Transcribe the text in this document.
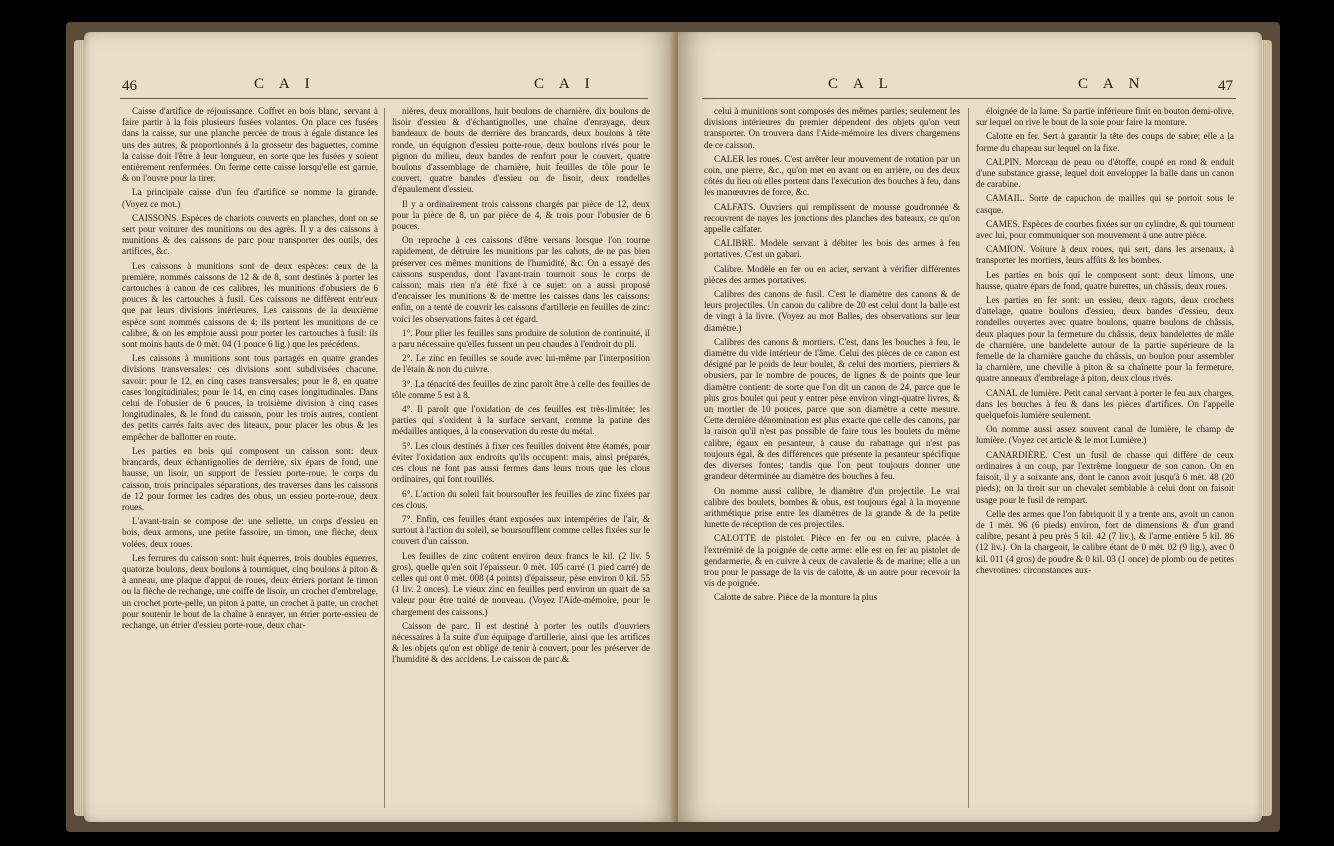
46	C A I	C A I

Caisse d'artifice de réjouissance. Coffret en bois blanc, servant à faire partir à la fois plusieurs fusées volantes. On place ces fusées dans la caisse, sur une planche percée de trous à égale distance les uns des autres, & proportionnés à la grosseur des baguettes, comme la caisse doit l'être à leur longueur, en sorte que les fusées y soient entièrement renfermées. On ferme cette caisse lorsqu'elle est garnie, & on l'ouvre pour la tirer.

La principale caisse d'un feu d'artifice se nomme la girande. (Voyez ce mot.)

CAISSONS. Espèces de chariots couverts en planches, dont on se sert pour voiturer des munitions ou des agrès. Il y a des caissons à munitions & des caissons de parc pour transporter des outils, des artifices, &c.

Les caissons à munitions sont de deux espèces: ceux de la première, nommés caissons de 12 & de 8, sont destinés à porter les cartouches à canon de ces calibres, les munitions d'obusiers de 6 pouces & les cartouches à fusil. Ces caissons ne diffèrent entr'eux que par leurs divisions intérieures. Les caissons de la deuxième espèce sont nommés caissons de 4; ils portent les munitions de ce calibre, & on les emploie aussi pour porter les cartouches à fusil: ils sont moins hauts de 0 mèt. 04 (1 pouce 6 lig.) que les précédens.

Les caissons à munitions sont tous partagés en quatre grandes divisions transversales: ces divisions sont subdivisées chacune, savoir: pour le 12, en cinq cases transversales; pour le 8, en quatre cases longitudinales; pour le 14, en cinq cases longitudinales. Dans celui de l'obusier de 6 pouces, la troisième division à cinq cases longitudinales, & le fond du caisson, pour les trois autres, contient des petits carrés faits avec des liteaux, pour placer les obus & les empêcher de ballotter en route.

Les parties en bois qui composent un caisson sont: deux brancards, deux échantignolles de derrière, six épars de fond, une hausse, un lisoir, un support de l'essieu porte-roue, le corps du caisson, trois principales séparations, des traverses dans les caissons de 12 pour former les cadres des obus, un essieu porte-roue, deux roues.

L'avant-train se compose de: une sellette, un corps d'essieu en bois, deux armons, une petite fassoire, un timon, une flèche, deux volées, deux roues.

Les ferrures du caisson sont: huit équerres, trois doubles équerres, quatorze boulons, deux boulons à tourniquet, cinq boulons à piton & à anneau, une plaque d'appui de roues, deux étriers portant le timon ou la flèche de rechange, une coiffe de lisoir, un crochet d'embrelage, un crochet porte-pelle, un piton à patte, un crochet à patte, un crochet pour soutenir le bout de la chaîne à enrayer, un étrier porte-essieu de rechange, un étrier d'essieu porte-roue, deux char-

nières, deux moraillons, huit boulons de charnière, dix boulons de lisoir d'essieu & d'échantignolles, une chaîne d'enrayage, deux bandeaux de bouts de derrière des brancards, deux boulons à tête ronde, un équignon d'essieu porte-roue, deux boulons rivés pour le pignon du milieu, deux bandes de renfort pour le couvert, quatre boulons d'assemblage de charnière, huit feuilles de tôle pour le couvert, quatre bandes d'essieu ou de lisoir, deux rondelles d'épaulement d'essieu.

Il y a ordinairement trois caissons chargés par pièce de 12, deux pour la pièce de 8, un par pièce de 4, & trois pour l'obusier de 6 pouces.

On reproche à ces caissons d'être versans lorsque l'on tourne rapidement, de détruire les munitions par les cahots, de ne pas bien préserver ces mêmes munitions de l'humidité, &c. On a essayé des caissons suspendus, dont l'avant-train tournoit sous le corps de caisson; mais rien n'a été fixé à ce sujet: on a aussi proposé d'encaisser les munitions & de mettre les caisses dans les caissons: enfin, on a tenté de couvrir les caissons d'artillerie en feuilles de zinc: voici les observations faites à cet égard.

1°. Pour plier les feuilles sans produire de solution de continuité, il a paru nécessaire qu'elles fussent un peu chaudes à l'endroit du pli.

2°. Le zinc en feuilles se soude avec lui-même par l'interposition de l'étain & non du cuivre.

3°. La ténacité des feuilles de zinc paroît être à celle des feuilles de tôle comme 5 est à 8.

4°. Il paroît que l'oxidation de ces feuilles est très-limitée; les parties qui s'oxident à la surface servant, comme la patine des médailles antiques, à la conservation du reste du métal.

5°. Les clous destinés à fixer ces feuilles doivent être étamés, pour éviter l'oxidation aux endroits qu'ils occupent: mais, ainsi préparés, ces clous ne font pas aussi fermes dans leurs trous que les clous ordinaires, qui font rouillés.

6°. L'action du soleil fait boursoufler les feuilles de zinc fixées par ces clous.

7°. Enfin, ces feuilles étant exposées aux intempéries de l'air, & surtout à l'action du soleil, se boursoufflent comme celles fixées sur le couvert d'un caisson.

Les feuilles de zinc coûtent environ deux francs le kil. (2 liv. 5 gros), quelle qu'en soit l'épaisseur. 0 mèt. 105 carré (1 pied carré) de celles qui ont 0 mèt. 008 (4 points) d'épaisseur, pèse environ 0 kil. 55 (1 liv. 2 onces). Le vieux zinc en feuilles perd environ un quart de sa valeur pour être traité de nouveau. (Voyez l'Aide-mémoire, pour le chargement des caissons.)

Caisson de parc. Il est destiné à porter les outils d'ouvriers nécessaires à la suite d'un équipage d'artillerie, ainsi que les artifices & les objets qu'on est obligé de tenir à couvert, pour les préserver de l'humidité & des accidens. Le caisson de parc &

C A L	C A N	47

celui à munitions sont composés des mêmes parties; seulement les divisions intérieures du premier dépendent des objets qu'on veut transporter. On trouvera dans l'Aide-mémoire les divers chargemens de ce caisson.

CALER les roues. C'est arrêter leur mouvement de rotation par un coin, une pierre, &c., qu'on met en avant ou en arrière, ou des deux côtés du lieu où elles portent dans l'exécution des bouches à feu, dans les manœuvres de force, &c.

CALFATS. Ouvriers qui remplissent de mousse goudronnée & recouvrent de nayes les jonctions des planches des bateaux, ce qu'on appelle calfater.

CALIBRE. Modèle servant à débiter les bois des armes à feu portatives. C'est un gabari.

Calibre. Modèle en fer ou en acier, servant à vérifier différentes pièces des armes portatives.

Calibres des canons de fusil. C'est le diamètre des canons & de leurs projectiles. Un canon du calibre de 20 est celui dont la balle est de vingt à la livre. (Voyez au mot Balles, des observations sur leur diamètre.)

Calibres des canons & mortiers. C'est, dans les bouches à feu, le diamètre du vide intérieur de l'âme. Celui des pièces de ce canon est désigné par le poids de leur boulet, & celui des mortiers, pierriers & obusiers, par le nombre de pouces, de lignes & de points que leur diamètre contient: de sorte que l'on dit un canon de 24, parce que le plus gros boulet qui peut y entrer pèse environ vingt-quatre livres, & un mortier de 10 pouces, parce que son diamètre a cette mesure. Cette dernière dénomination est plus exacte que celle des canons, par la raison qu'il n'est pas possible de faire tous les boulets du même calibre, égaux en pesanteur, à cause du rabattage qui n'est pas toujours égal, & des différences que présente la pesanteur spécifique des diverses fontes; tandis que l'on peut toujours donner une grandeur déterminée au diamètre des bouches à feu.

On nomme aussi calibre, le diamètre d'un projectile. Le vrai calibre des boulets, bombes & obus, est toujours égal à la moyenne arithmétique prise entre les diamètres de la grande & de la petite lunette de réception de ces projectiles.

CALOTTE de pistolet. Pièce en fer ou en cuivre, placée à l'extrémité de la poignée de cette arme: elle est en fer au pistolet de gendarmerie, & en cuivre à ceux de cavalerie & de marine; elle a un trou pour le passage de la vis de calotte, & un autre pour recevoir la vis de poignée.

Calotte de sabre. Pièce de la monture la plus

éloignée de la lame. Sa partie inférieure finit en bouton demi-olive, sur lequel on rive le bout de la soie pour faire la monture.

Calotte en fer. Sert à garantir la tête des coups de sabre; elle a la forme du chapeau sur lequel on la fixe.

CALPIN. Morceau de peau ou d'étoffe, coupé en rond & enduit d'une substance grasse, lequel doit envelopper la balle dans un canon de carabine.

CAMAIL. Sorte de capuchon de mailles qui se portoit sous le casque.

CAMES. Espèces de courbes fixées sur un cylindre, & qui tournent avec lui, pour communiquer son mouvement à une autre pièce.

CAMION. Voiture à deux roues, qui sert, dans les arsenaux, à transporter les mortiers, leurs affûts & les bombes.

Les parties en bois qui le composent sont: deux limons, une hausse, quatre épars de fond, quatre burettes, un châssis, deux roues.

Les parties en fer sont: un essieu, deux ragots, deux crochets d'attelage, quatre boulons d'essieu, deux bandes d'essieu, deux rondelles ouvertes avec quatre boulons, quatre boulons de châssis, deux plaques pour la fermeture du châssis, deux bandelettes de mâle de charnière, une bandelette autour de la partie supérieure de la femelle de la charnière gauche du châssis, un boulon pour assembler la charnière, une cheville à piton & sa chaînette pour la fermeture, quatre anneaux d'embrelage à piton, deux clous rivés.

CANAL de lumière. Petit canal servant à porter le feu aux charges, dans les bouches à feu & dans les pièces d'artifices. On l'appelle quelquefois lumière seulement.

On nomme aussi assez souvent canal de lumière, le champ de lumière. (Voyez cet article & le mot Lumière.)

CANARDIÈRE. C'est un fusil de chasse qui diffère de ceux ordinaires à un coup, par l'extrême longueur de son canon. On en faisoit, il y a soixante ans, dont le canon avoit jusqu'à 6 mèt. 48 (20 pieds); on la tiroit sur un chevalet semblable à celui dont on faisoit usage pour le fusil de rempart.

Celle des armes que l'on fabriquoit il y a trente ans, avoit un canon de 1 mèt. 96 (6 pieds) environ, fort de dimensions & d'un grand calibre, pesant à peu près 5 kil. 42 (7 liv.), & l'arme entière 5 kil. 86 (12 liv.). On la chargeoit, le calibre étant de 0 mèt. 02 (9 lig.), avec 0 kil. 011 (4 gros) de poudre & 0 kil. 03 (1 once) de plomb ou de petites chevrotines: circonstances aux-
